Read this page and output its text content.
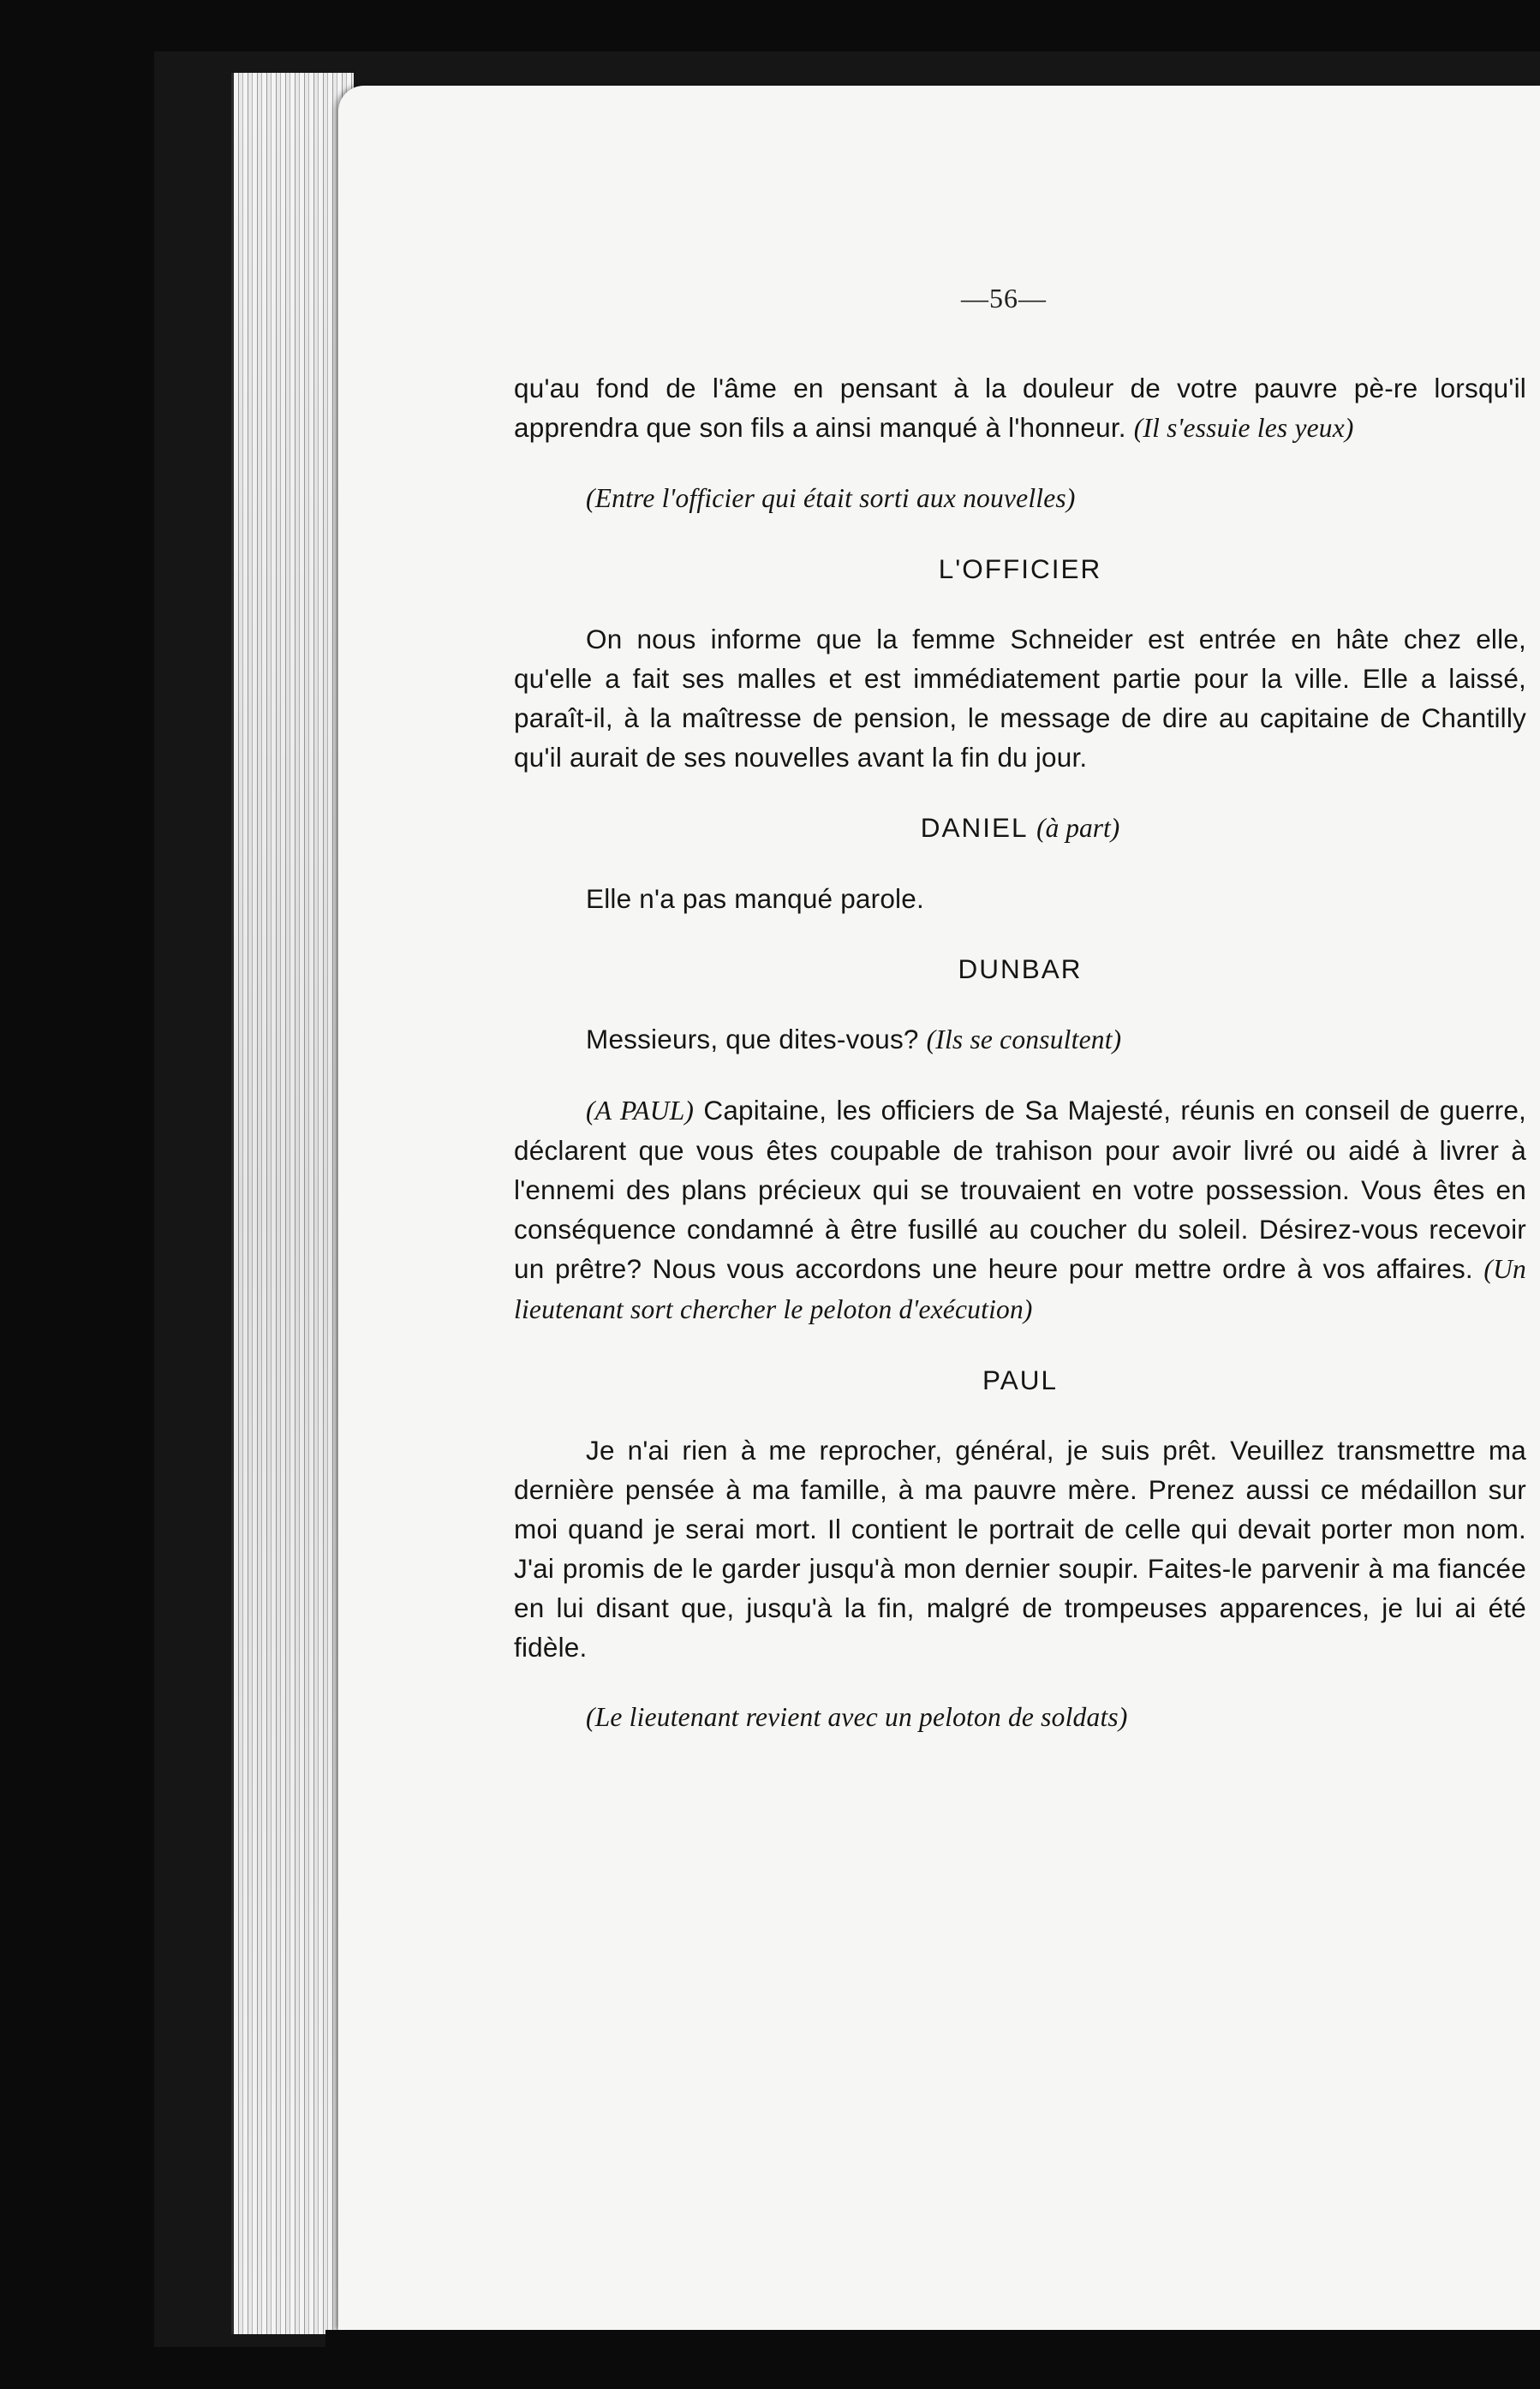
—56—

qu'au fond de l'âme en pensant à la douleur de votre pauvre pè-re lorsqu'il apprendra que son fils a ainsi manqué à l'honneur. (Il s'essuie les yeux)

(Entre l'officier qui était sorti aux nouvelles)

L'OFFICIER

On nous informe que la femme Schneider est entrée en hâte chez elle, qu'elle a fait ses malles et est immédiatement partie pour la ville. Elle a laissé, paraît-il, à la maîtresse de pension, le message de dire au capitaine de Chantilly qu'il aurait de ses nouvelles avant la fin du jour.

DANIEL (à part)

Elle n'a pas manqué parole.

DUNBAR

Messieurs, que dites-vous? (Ils se consultent)

(A PAUL) Capitaine, les officiers de Sa Majesté, réunis en conseil de guerre, déclarent que vous êtes coupable de trahison pour avoir livré ou aidé à livrer à l'ennemi des plans précieux qui se trouvaient en votre possession. Vous êtes en conséquence condamné à être fusillé au coucher du soleil. Désirez-vous recevoir un prêtre? Nous vous accordons une heure pour mettre ordre à vos affaires. (Un lieutenant sort chercher le peloton d'exécution)

PAUL

Je n'ai rien à me reprocher, général, je suis prêt. Veuillez transmettre ma dernière pensée à ma famille, à ma pauvre mère. Prenez aussi ce médaillon sur moi quand je serai mort. Il contient le portrait de celle qui devait porter mon nom. J'ai promis de le garder jusqu'à mon dernier soupir. Faites-le parvenir à ma fiancée en lui disant que, jusqu'à la fin, malgré de trompeuses apparences, je lui ai été fidèle.

(Le lieutenant revient avec un peloton de soldats)
